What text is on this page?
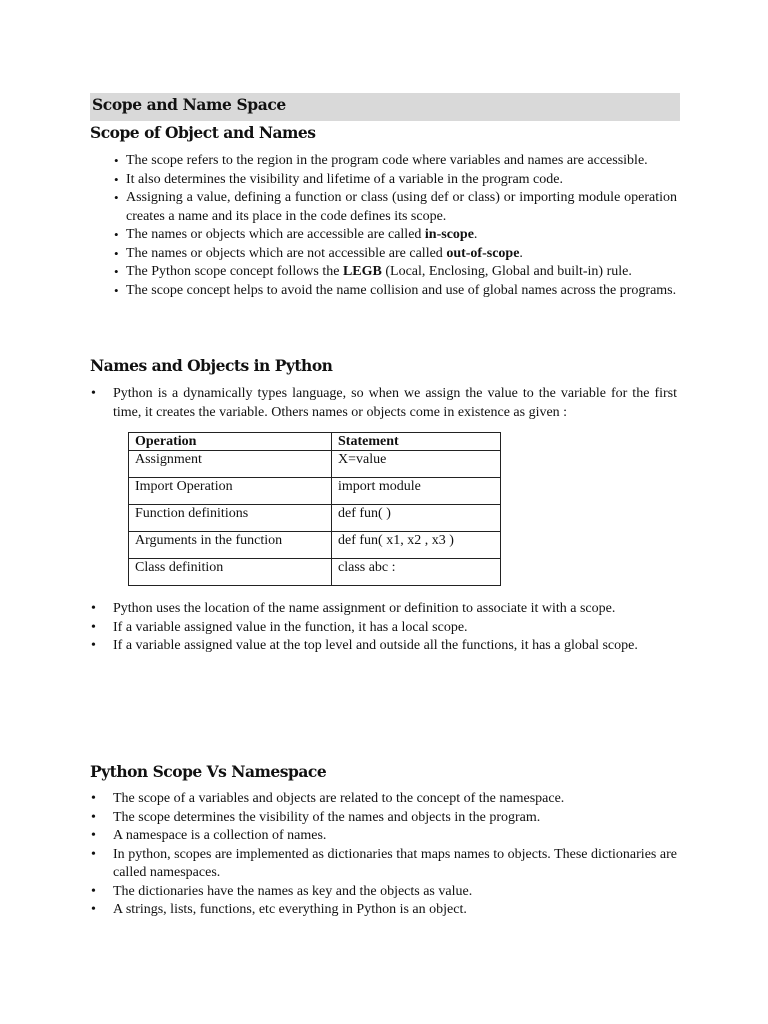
Scope and Name Space
Scope of Object and Names
• The scope refers to the region in the program code where variables and names are accessible.
• It also determines the visibility and lifetime of a variable in the program code.
• Assigning a value, defining a function or class (using def or class) or importing module operation creates a name and its place in the code defines its scope.
• The names or objects which are accessible are called in-scope.
• The names or objects which are not accessible are called out-of-scope.
• The Python scope concept follows the LEGB (Local, Enclosing, Global and built-in) rule.
• The scope concept helps to avoid the name collision and use of global names across the programs.
Names and Objects in Python
• Python is a dynamically types language, so when we assign the value to the variable for the first time, it creates the variable. Others names or objects come in existence as given :
Operation	Statement
Assignment	X=value
Import Operation	import module
Function definitions	def fun( )
Arguments in the function	def fun( x1, x2 , x3 )
Class definition	class abc :
• Python uses the location of the name assignment or definition to associate it with a scope.
• If a variable assigned value in the function, it has a local scope.
• If a variable assigned value at the top level and outside all the functions, it has a global scope.
Python Scope Vs Namespace
• The scope of a variables and objects are related to the concept of the namespace.
• The scope determines the visibility of the names and objects in the program.
• A namespace is a collection of names.
• In python, scopes are implemented as dictionaries that maps names to objects. These dictionaries are called namespaces.
• The dictionaries have the names as key and the objects as value.
• A strings, lists, functions, etc everything in Python is an object.
